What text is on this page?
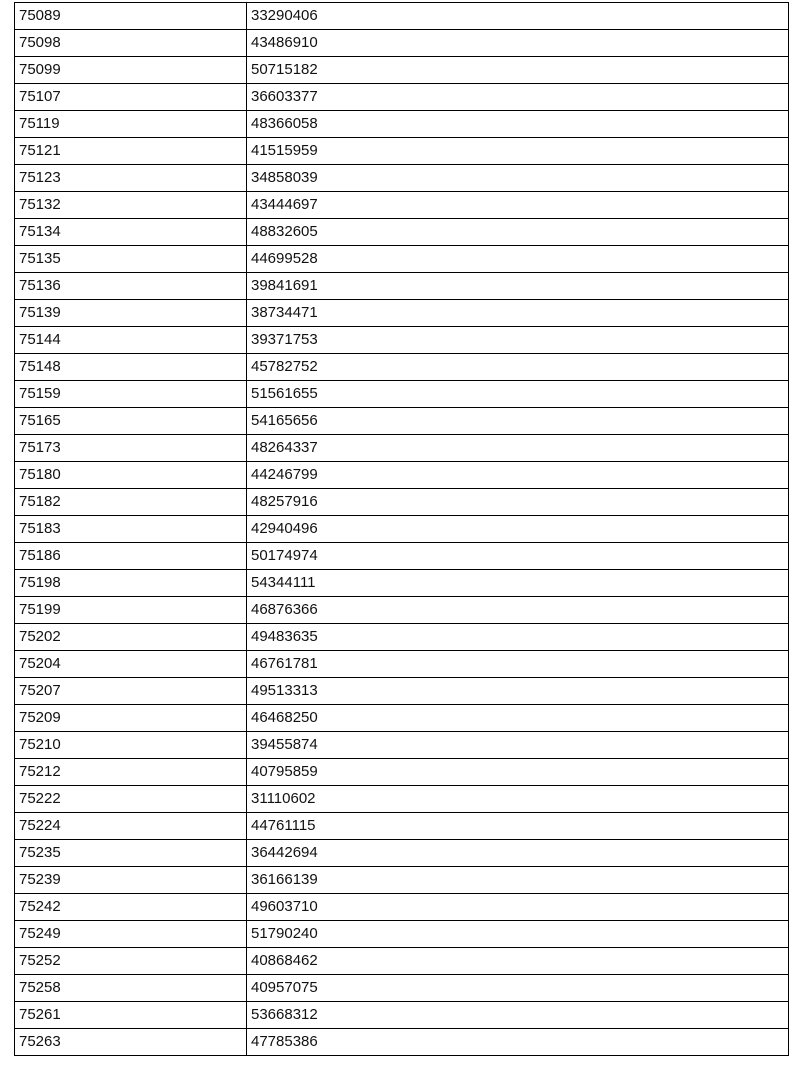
75089	33290406
75098	43486910
75099	50715182
75107	36603377
75119	48366058
75121	41515959
75123	34858039
75132	43444697
75134	48832605
75135	44699528
75136	39841691
75139	38734471
75144	39371753
75148	45782752
75159	51561655
75165	54165656
75173	48264337
75180	44246799
75182	48257916
75183	42940496
75186	50174974
75198	54344111
75199	46876366
75202	49483635
75204	46761781
75207	49513313
75209	46468250
75210	39455874
75212	40795859
75222	31110602
75224	44761115
75235	36442694
75239	36166139
75242	49603710
75249	51790240
75252	40868462
75258	40957075
75261	53668312
75263	47785386
